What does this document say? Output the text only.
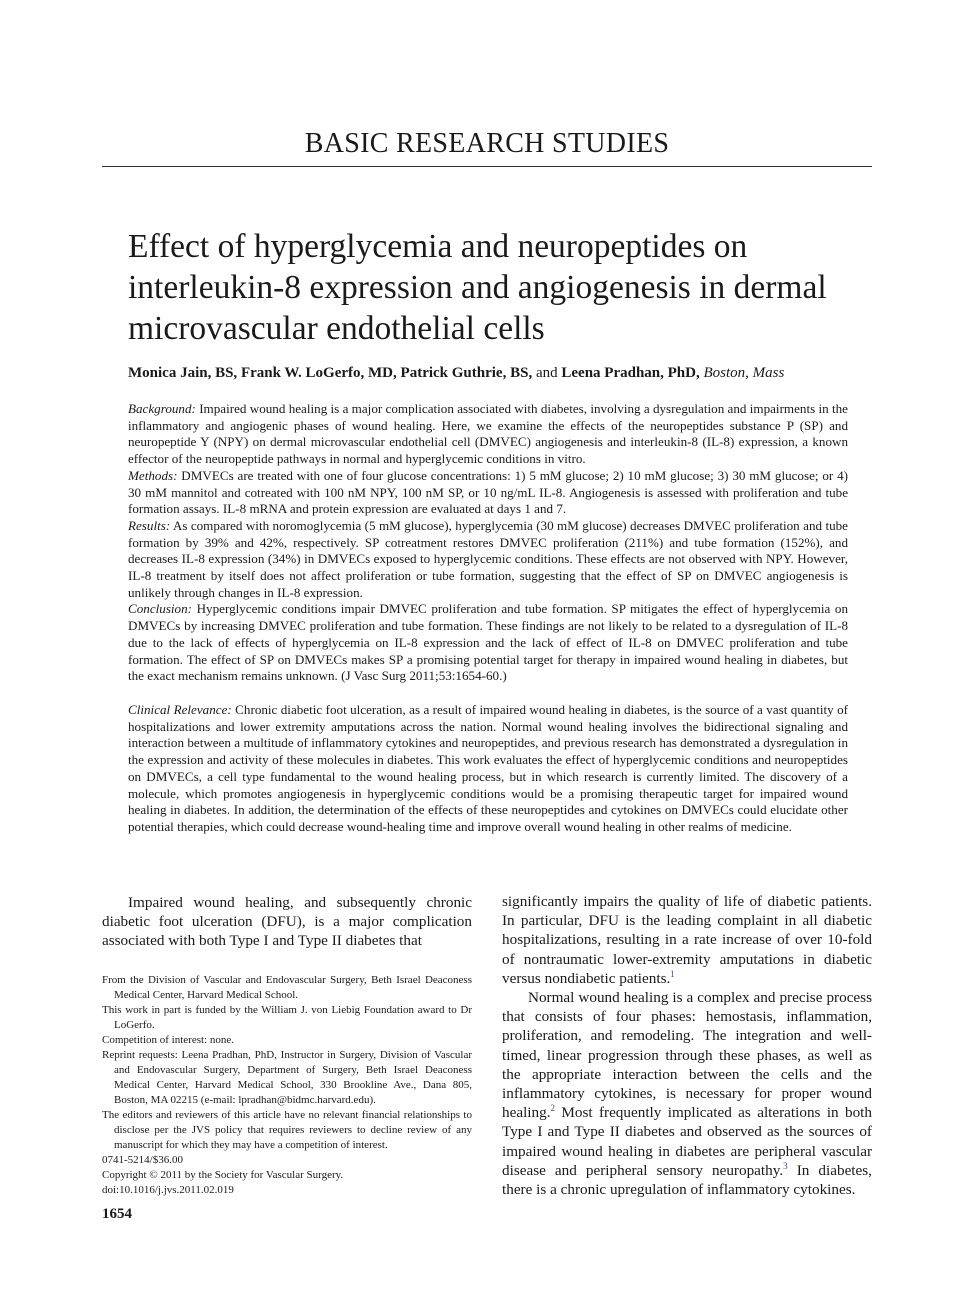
BASIC RESEARCH STUDIES
Effect of hyperglycemia and neuropeptides on interleukin-8 expression and angiogenesis in dermal microvascular endothelial cells
Monica Jain, BS, Frank W. LoGerfo, MD, Patrick Guthrie, BS, and Leena Pradhan, PhD, Boston, Mass

Background: Impaired wound healing is a major complication associated with diabetes, involving a dysregulation and impairments in the inflammatory and angiogenic phases of wound healing. Here, we examine the effects of the neuropeptides substance P (SP) and neuropeptide Y (NPY) on dermal microvascular endothelial cell (DMVEC) angiogenesis and interleukin-8 (IL-8) expression, a known effector of the neuropeptide pathways in normal and hyperglycemic conditions in vitro.

Methods: DMVECs are treated with one of four glucose concentrations: 1) 5 mM glucose; 2) 10 mM glucose; 3) 30 mM glucose; or 4) 30 mM mannitol and cotreated with 100 nM NPY, 100 nM SP, or 10 ng/mL IL-8. Angiogenesis is assessed with proliferation and tube formation assays. IL-8 mRNA and protein expression are evaluated at days 1 and 7.

Results: As compared with noromoglycemia (5 mM glucose), hyperglycemia (30 mM glucose) decreases DMVEC proliferation and tube formation by 39% and 42%, respectively. SP cotreatment restores DMVEC proliferation (211%) and tube formation (152%), and decreases IL-8 expression (34%) in DMVECs exposed to hyperglycemic conditions. These effects are not observed with NPY. However, IL-8 treatment by itself does not affect proliferation or tube formation, suggesting that the effect of SP on DMVEC angiogenesis is unlikely through changes in IL-8 expression.

Conclusion: Hyperglycemic conditions impair DMVEC proliferation and tube formation. SP mitigates the effect of hyperglycemia on DMVECs by increasing DMVEC proliferation and tube formation. These findings are not likely to be related to a dysregulation of IL-8 due to the lack of effects of hyperglycemia on IL-8 expression and the lack of effect of IL-8 on DMVEC proliferation and tube formation. The effect of SP on DMVECs makes SP a promising potential target for therapy in impaired wound healing in diabetes, but the exact mechanism remains unknown. (J Vasc Surg 2011;53:1654-60.)

Clinical Relevance: Chronic diabetic foot ulceration, as a result of impaired wound healing in diabetes, is the source of a vast quantity of hospitalizations and lower extremity amputations across the nation. Normal wound healing involves the bidirectional signaling and interaction between a multitude of inflammatory cytokines and neuropeptides, and previous research has demonstrated a dysregulation in the expression and activity of these molecules in diabetes. This work evaluates the effect of hyperglycemic conditions and neuropeptides on DMVECs, a cell type fundamental to the wound healing process, but in which research is currently limited. The discovery of a molecule, which promotes angiogenesis in hyperglycemic conditions would be a promising therapeutic target for impaired wound healing in diabetes. In addition, the determination of the effects of these neuropeptides and cytokines on DMVECs could elucidate other potential therapies, which could decrease wound-healing time and improve overall wound healing in other realms of medicine.

Impaired wound healing, and subsequently chronic diabetic foot ulceration (DFU), is a major complication associated with both Type I and Type II diabetes that

From the Division of Vascular and Endovascular Surgery, Beth Israel Deaconess Medical Center, Harvard Medical School.

This work in part is funded by the William J. von Liebig Foundation award to Dr LoGerfo.

Competition of interest: none.

Reprint requests: Leena Pradhan, PhD, Instructor in Surgery, Division of Vascular and Endovascular Surgery, Department of Surgery, Beth Israel Deaconess Medical Center, Harvard Medical School, 330 Brookline Ave., Dana 805, Boston, MA 02215 (e-mail: lpradhan@bidmc.harvard.edu).

The editors and reviewers of this article have no relevant financial relationships to disclose per the JVS policy that requires reviewers to decline review of any manuscript for which they may have a competition of interest.

0741-5214/$36.00

Copyright © 2011 by the Society for Vascular Surgery.

doi:10.1016/j.jvs.2011.02.019

1654

significantly impairs the quality of life of diabetic patients. In particular, DFU is the leading complaint in all diabetic hospitalizations, resulting in a rate increase of over 10-fold of nontraumatic lower-extremity amputations in diabetic versus nondiabetic patients.$^1$

Normal wound healing is a complex and precise process that consists of four phases: hemostasis, inflammation, proliferation, and remodeling. The integration and well-timed, linear progression through these phases, as well as the appropriate interaction between the cells and the inflammatory cytokines, is necessary for proper wound healing.$^2$ Most frequently implicated as alterations in both Type I and Type II diabetes and observed as the sources of impaired wound healing in diabetes are peripheral vascular disease and peripheral sensory neuropathy.$^3$ In diabetes, there is a chronic upregulation of inflammatory cytokines.
